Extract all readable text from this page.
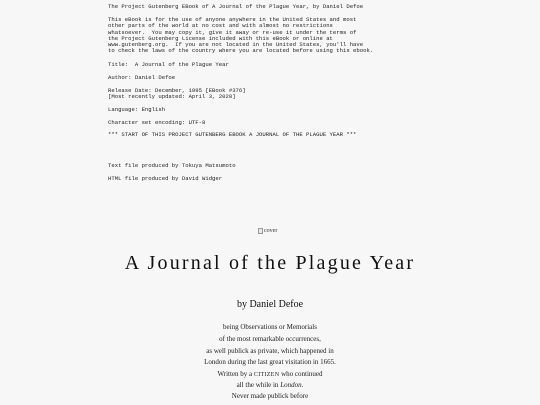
The Project Gutenberg EBook of A Journal of the Plague Year, by Daniel Defoe
This eBook is for the use of anyone anywhere in the United States and most
other parts of the world at no cost and with almost no restrictions
whatsoever.  You may copy it, give it away or re-use it under the terms of
the Project Gutenberg License included with this eBook or online at
www.gutenberg.org.  If you are not located in the United States, you'll have
to check the laws of the country where you are located before using this ebook.
Title:  A Journal of the Plague Year
Author: Daniel Defoe
Release Date: December, 1995 [EBook #376]
[Most recently updated: April 3, 2020]
Language: English
Character set encoding: UTF-8
*** START OF THIS PROJECT GUTENBERG EBOOK A JOURNAL OF THE PLAGUE YEAR ***
Text file produced by Tokuya Matsumoto
HTML file produced by David Widger
cover
A Journal of the Plague Year
by Daniel Defoe
being Observations or Memorials
of the most remarkable occurrences,
as well publick as private, which happened in
London during the last great visitation in 1665.
Written by a CITIZEN who continued
all the while in London.
Never made publick before
